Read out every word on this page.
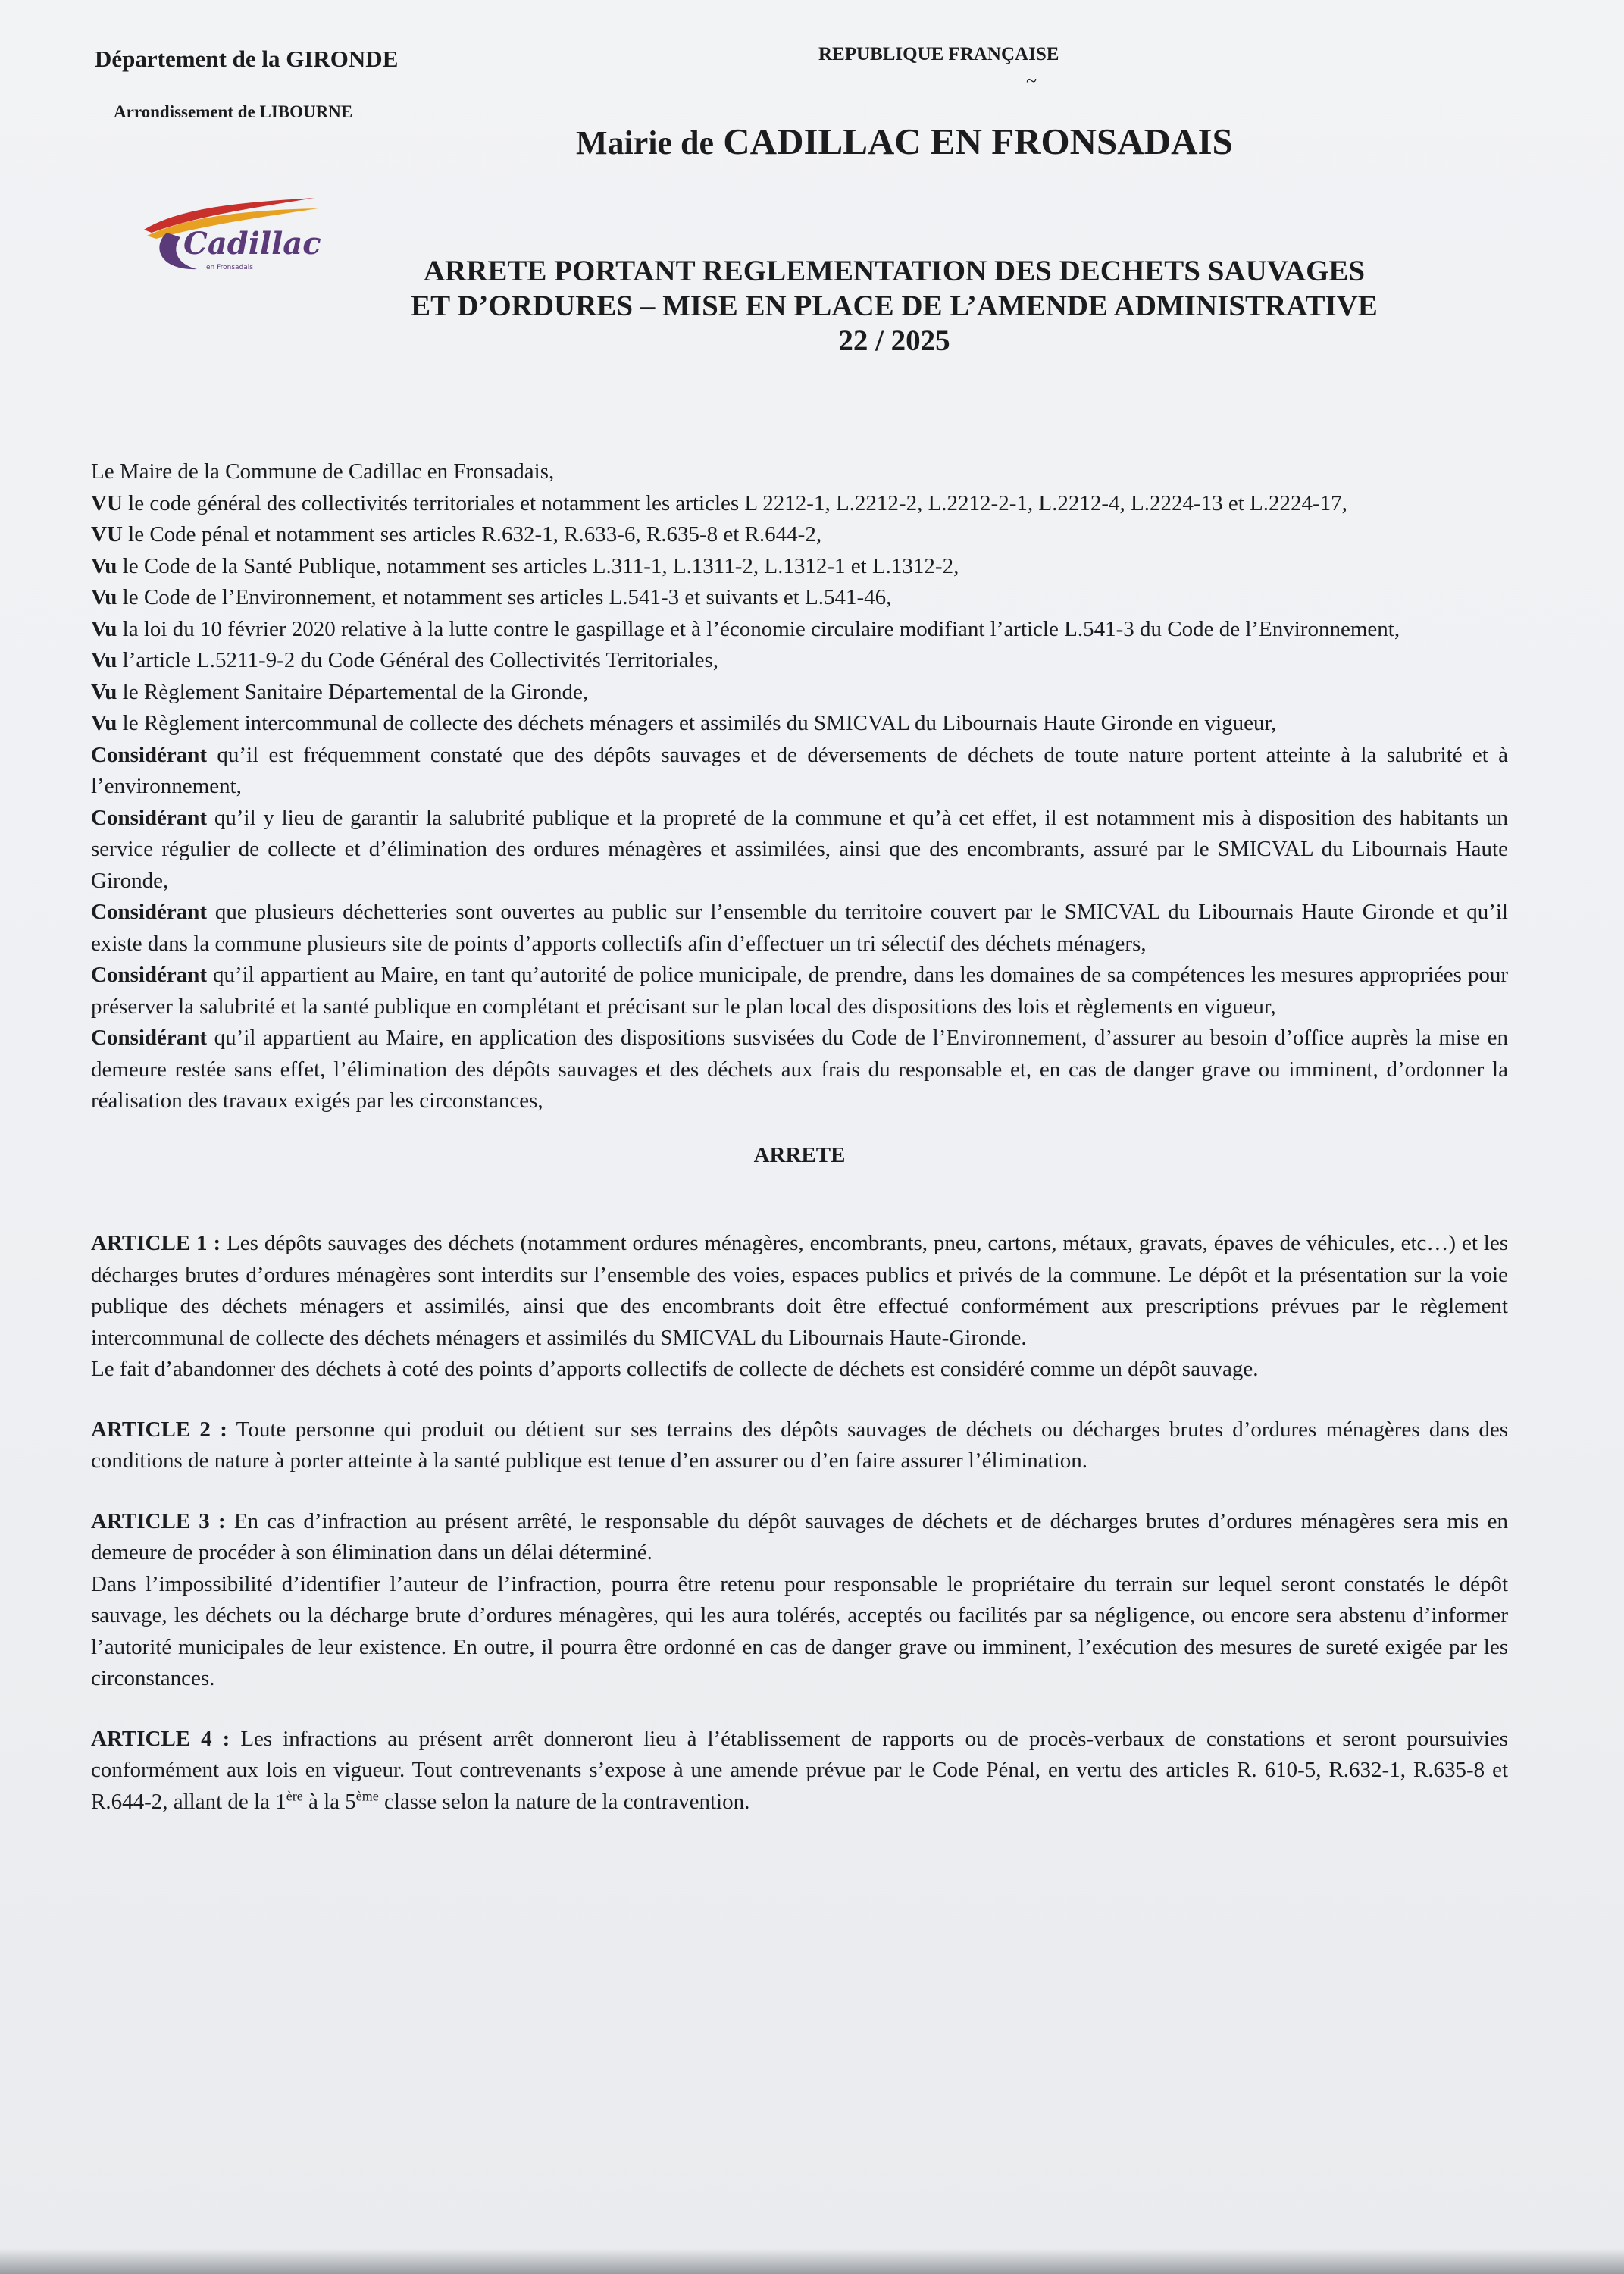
Département de la GIRONDE
Arrondissement de LIBOURNE
REPUBLIQUE FRANÇAISE
~
Mairie de CADILLAC EN FRONSADAIS
Cadillac
en Fronsadais	ARRETE PORTANT REGLEMENTATION DES DECHETS SAUVAGES
ET D’ORDURES – MISE EN PLACE DE L’AMENDE ADMINISTRATIVE
22 / 2025

Le Maire de la Commune de Cadillac en Fronsadais,

VU le code général des collectivités territoriales et notamment les articles L 2212-1, L.2212-2, L.2212-2-1, L.2212-4, L.2224-13 et L.2224-17,

VU le Code pénal et notamment ses articles R.632-1, R.633-6, R.635-8 et R.644-2,

Vu le Code de la Santé Publique, notamment ses articles L.311-1, L.1311-2, L.1312-1 et L.1312-2,

Vu le Code de l’Environnement, et notamment ses articles L.541-3 et suivants et L.541-46,

Vu la loi du 10 février 2020 relative à la lutte contre le gaspillage et à l’économie circulaire modifiant l’article L.541-3 du Code de l’Environnement,

Vu l’article L.5211-9-2 du Code Général des Collectivités Territoriales,

Vu le Règlement Sanitaire Départemental de la Gironde,

Vu le Règlement intercommunal de collecte des déchets ménagers et assimilés du SMICVAL du Libournais Haute Gironde en vigueur,

Considérant qu’il est fréquemment constaté que des dépôts sauvages et de déversements de déchets de toute nature portent atteinte à la salubrité et à l’environnement,

Considérant qu’il y lieu de garantir la salubrité publique et la propreté de la commune et qu’à cet effet, il est notamment mis à disposition des habitants un service régulier de collecte et d’élimination des ordures ménagères et assimilées, ainsi que des encombrants, assuré par le SMICVAL du Libournais Haute Gironde,

Considérant que plusieurs déchetteries sont ouvertes au public sur l’ensemble du territoire couvert par le SMICVAL du Libournais Haute Gironde et qu’il existe dans la commune plusieurs site de points d’apports collectifs afin d’effectuer un tri sélectif des déchets ménagers,

Considérant qu’il appartient au Maire, en tant qu’autorité de police municipale, de prendre, dans les domaines de sa compétences les mesures appropriées pour préserver la salubrité et la santé publique en complétant et précisant sur le plan local des dispositions des lois et règlements en vigueur,

Considérant qu’il appartient au Maire, en application des dispositions susvisées du Code de l’Environnement, d’assurer au besoin d’office auprès la mise en demeure restée sans effet, l’élimination des dépôts sauvages et des déchets aux frais du responsable et, en cas de danger grave ou imminent, d’ordonner la réalisation des travaux exigés par les circonstances,

ARRETE

ARTICLE 1 : Les dépôts sauvages des déchets (notamment ordures ménagères, encombrants, pneu, cartons, métaux, gravats, épaves de véhicules, etc…) et les décharges brutes d’ordures ménagères sont interdits sur l’ensemble des voies, espaces publics et privés de la commune. Le dépôt et la présentation sur la voie publique des déchets ménagers et assimilés, ainsi que des encombrants doit être effectué conformément aux prescriptions prévues par le règlement intercommunal de collecte des déchets ménagers et assimilés du SMICVAL du Libournais Haute-Gironde.

Le fait d’abandonner des déchets à coté des points d’apports collectifs de collecte de déchets est considéré comme un dépôt sauvage.

ARTICLE 2 : Toute personne qui produit ou détient sur ses terrains des dépôts sauvages de déchets ou décharges brutes d’ordures ménagères dans des conditions de nature à porter atteinte à la santé publique est tenue d’en assurer ou d’en faire assurer l’élimination.

ARTICLE 3 : En cas d’infraction au présent arrêté, le responsable du dépôt sauvages de déchets et de décharges brutes d’ordures ménagères sera mis en demeure de procéder à son élimination dans un délai déterminé.

Dans l’impossibilité d’identifier l’auteur de l’infraction, pourra être retenu pour responsable le propriétaire du terrain sur lequel seront constatés le dépôt sauvage, les déchets ou la décharge brute d’ordures ménagères, qui les aura tolérés, acceptés ou facilités par sa négligence, ou encore sera abstenu d’informer l’autorité municipales de leur existence. En outre, il pourra être ordonné en cas de danger grave ou imminent, l’exécution des mesures de sureté exigée par les circonstances.

ARTICLE 4 : Les infractions au présent arrêt donneront lieu à l’établissement de rapports ou de procès-verbaux de constations et seront poursuivies conformément aux lois en vigueur. Tout contrevenants s’expose à une amende prévue par le Code Pénal, en vertu des articles R. 610-5, R.632-1, R.635-8 et R.644-2, allant de la 1ère à la 5ème classe selon la nature de la contravention.
